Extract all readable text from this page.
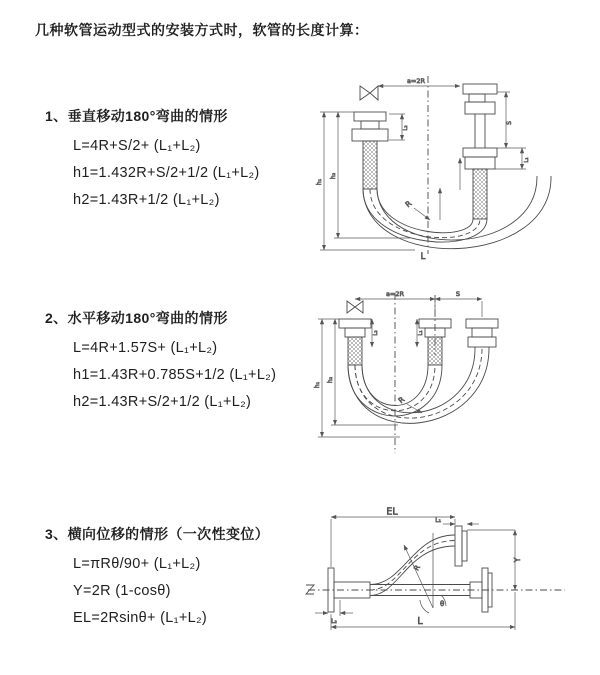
几种软管运动型式的安装方式时，软管的长度计算：
1、垂直移动180°弯曲的情形
L=4R+S/2+ (L₁+L₂)
h1=1.432R+S/2+1/2 (L₁+L₂)
h2=1.43R+1/2 (L₁+L₂)
2、水平移动180°弯曲的情形
L=4R+1.57S+ (L₁+L₂)
h1=1.43R+0.785S+1/2 (L₁+L₂)
h2=1.43R+S/2+1/2 (L₁+L₂)
3、横向位移的情形（一次性变位）
L=πRθ/90+ (L₁+L₂)
Y=2R (1-cosθ)
EL=2Rsinθ+ (L₁+L₂)
a=2R
S
L₁
L₂
h₁
h₂
R
L
a=2R	S
L₂	L₁
h₁
h₂
R
R
θ
EL
L₁
Y
L
L₂
